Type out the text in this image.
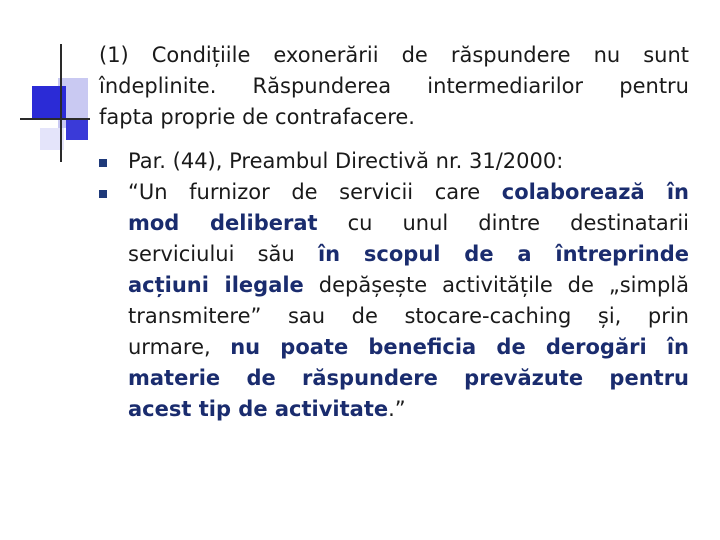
(1) Condițiile exonerării de răspundere nu sunt
îndeplinite. Răspunderea intermediarilor pentru
fapta proprie de contrafacere.
Par. (44), Preambul Directivă nr. 31/2000:
“Un furnizor de servicii care colaborează în
mod deliberat cu unul dintre destinatarii
serviciului său în scopul de a întreprinde
acțiuni ilegale depășește activitățile de „simplă
transmitere” sau de stocare-caching și, prin
urmare, nu poate beneficia de derogări în
materie de răspundere prevăzute pentru
acest tip de activitate.”
